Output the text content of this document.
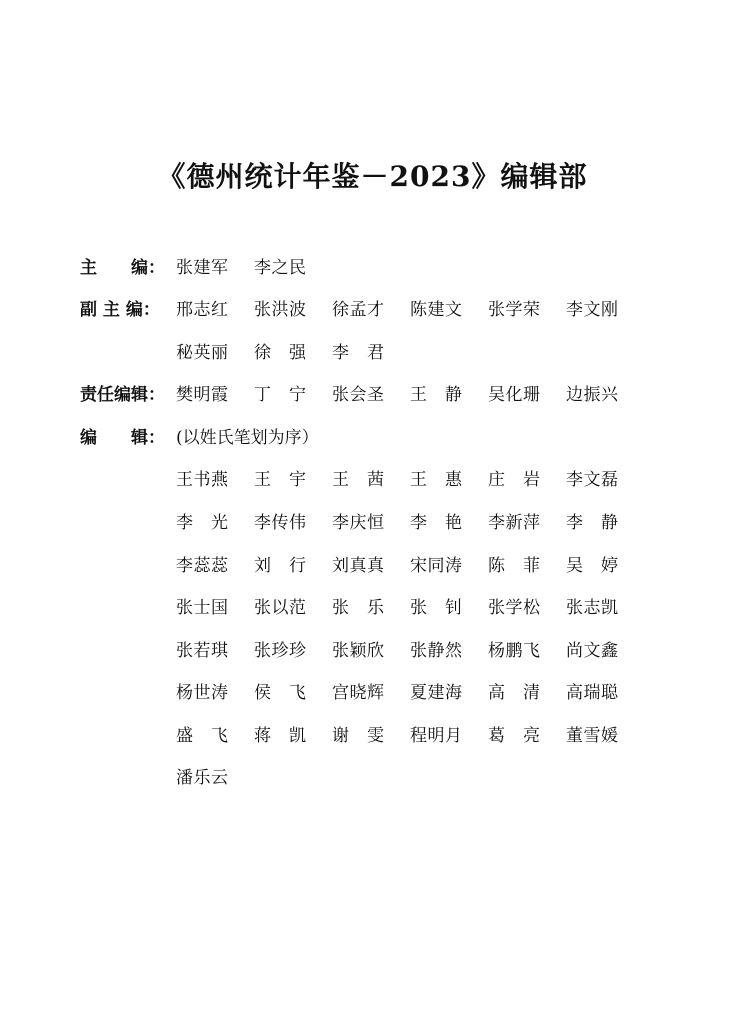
《德州统计年鉴－2023》编辑部
主　　编： 张建军 李之民
副 主 编： 邢志红 张洪波 徐孟才 陈建文 张学荣 李文刚
秘英丽 徐　强 李　君
责任编辑： 樊明霞 丁　宁 张会圣 王　静 吴化珊 边振兴
编　　辑： (以姓氏笔划为序）
王书燕 王　宇 王　茜 王　惠 庄　岩 李文磊
李　光 李传伟 李庆恒 李　艳 李新萍 李　静
李蕊蕊 刘　行 刘真真 宋同涛 陈　菲 吴　婷
张士国 张以范 张　乐 张　钊 张学松 张志凯
张若琪 张珍珍 张颖欣 张静然 杨鹏飞 尚文鑫
杨世涛 侯　飞 宫晓辉 夏建海 高　清 高瑞聪
盛　飞 蒋　凯 谢　雯 程明月 葛　亮 董雪媛
潘乐云
